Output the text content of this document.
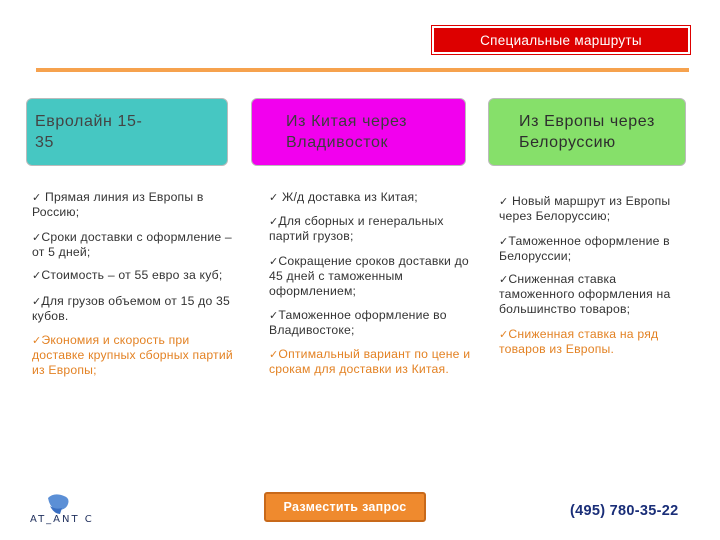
Специальные маршруты
Евролайн 15-
35
Из Китая через
Владивосток
Из Европы через
Белоруссию
✓ Прямая линия из Европы в Россию;
✓Сроки доставки с оформление – от 5 дней;
✓Стоимость – от 55 евро за куб;
✓Для грузов объемом от 15 до 35 кубов.
✓Экономия и скорость при доставке крупных сборных партий из Европы;
✓ Ж/д доставка из Китая;
✓Для сборных и генеральных партий грузов;
✓Сокращение сроков доставки до 45 дней с таможенным оформлением;
✓Таможенное оформление во Владивостоке;
✓Оптимальный вариант по цене и срокам для доставки из Китая.
✓ Новый маршрут из Европы через Белоруссию;
✓Таможенное оформление в Белоруссии;
✓Сниженная ставка таможенного оформления на большинство товаров;
✓Сниженная ставка на ряд товаров из Европы.
AT_ANT C
Разместить запрос	(495) 780-35-22
